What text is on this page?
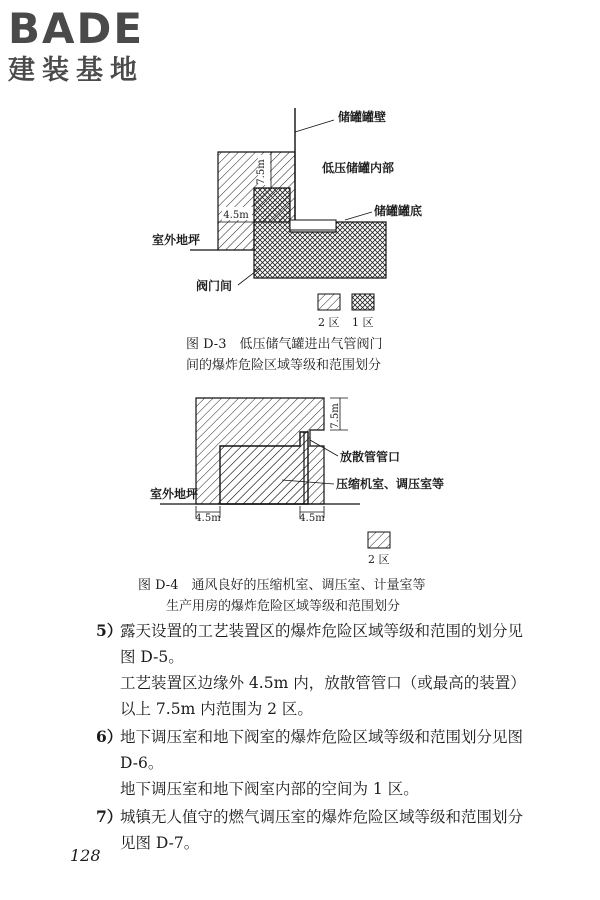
BADE
建装基地
7.5m
4.5m
储罐罐壁
低压储罐内部
储罐罐底
室外地坪
阀门间
2 区 1 区
7.5m
4.5m	4.5m
放散管管口
压缩机室、调压室等
室外地坪
2 区
图 D-3　低压储气罐进出气管阀门
间的爆炸危险区域等级和范围划分
图 D-4　通风良好的压缩机室、调压室、计量室等
生产用房的爆炸危险区域等级和范围划分
5）
露天设置的工艺装置区的爆炸危险区域等级和范围的划分见图 D-5。

工艺装置区边缘外 4.5m 内，放散管管口（或最高的装置）以上 7.5m 内范围为 2 区。

6）
地下调压室和地下阀室的爆炸危险区域等级和范围划分见图 D-6。

地下调压室和地下阀室内部的空间为 1 区。

7）
城镇无人值守的燃气调压室的爆炸危险区域等级和范围划分见图 D-7。
128
